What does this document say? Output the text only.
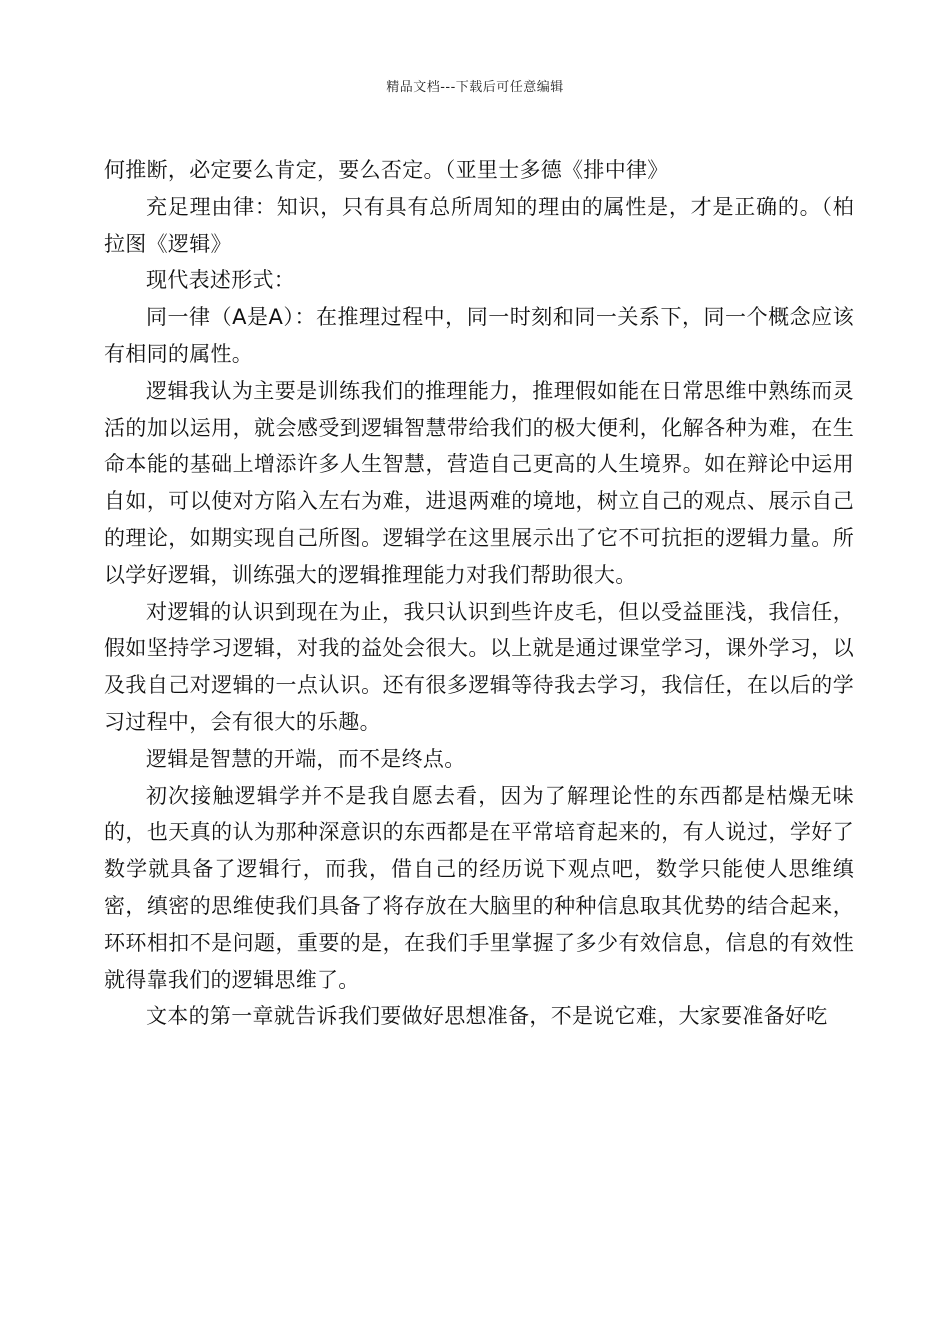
精品文档---下载后可任意编辑

何推断，必定要么肯定，要么否定。（亚里士多德《排中律》

充足理由律：知识，只有具有总所周知的理由的属性是，才是正确的。（柏拉图《逻辑》

现代表述形式：

同一律（A是A）：在推理过程中，同一时刻和同一关系下，同一个概念应该有相同的属性。

逻辑我认为主要是训练我们的推理能力，推理假如能在日常思维中熟练而灵活的加以运用，就会感受到逻辑智慧带给我们的极大便利，化解各种为难，在生命本能的基础上增添许多人生智慧，营造自己更高的人生境界。如在辩论中运用自如，可以使对方陷入左右为难，进退两难的境地，树立自己的观点、展示自己的理论，如期实现自己所图。逻辑学在这里展示出了它不可抗拒的逻辑力量。所以学好逻辑，训练强大的逻辑推理能力对我们帮助很大。

对逻辑的认识到现在为止，我只认识到些许皮毛，但以受益匪浅，我信任，假如坚持学习逻辑，对我的益处会很大。以上就是通过课堂学习，课外学习，以及我自己对逻辑的一点认识。还有很多逻辑等待我去学习，我信任，在以后的学习过程中，会有很大的乐趣。

逻辑是智慧的开端，而不是终点。

初次接触逻辑学并不是我自愿去看，因为了解理论性的东西都是枯燥无味的，也天真的认为那种深意识的东西都是在平常培育起来的，有人说过，学好了数学就具备了逻辑行，而我，借自己的经历说下观点吧，数学只能使人思维缜密，缜密的思维使我们具备了将存放在大脑里的种种信息取其优势的结合起来，环环相扣不是问题，重要的是，在我们手里掌握了多少有效信息，信息的有效性就得靠我们的逻辑思维了。

文本的第一章就告诉我们要做好思想准备，不是说它难，大家要准备好吃
